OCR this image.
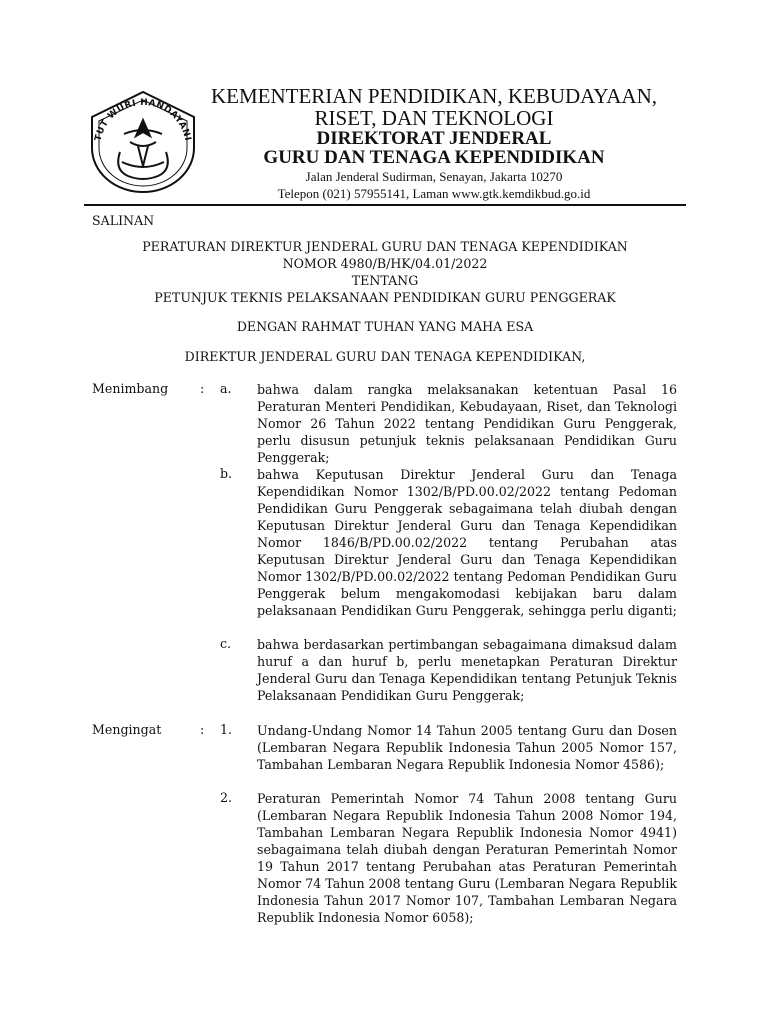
TUT WURI HANDAYANI
KEMENTERIAN PENDIDIKAN, KEBUDAYAAN,
RISET, DAN TEKNOLOGI
DIREKTORAT JENDERAL
GURU DAN TENAGA KEPENDIDIKAN
Jalan Jenderal Sudirman, Senayan, Jakarta 10270
Telepon (021) 57955141, Laman www.gtk.kemdikbud.go.id
SALINAN
PERATURAN DIREKTUR JENDERAL GURU DAN TENAGA KEPENDIDIKAN
NOMOR 4980/B/HK/04.01/2022
TENTANG
PETUNJUK TEKNIS PELAKSANAAN PENDIDIKAN GURU PENGGERAK
DENGAN RAHMAT TUHAN YANG MAHA ESA
DIREKTUR JENDERAL GURU DAN TENAGA KEPENDIDIKAN,
Menimbang	: a. bahwa dalam rangka melaksanakan ketentuan Pasal 16 Peraturan Menteri Pendidikan, Kebudayaan, Riset, dan Teknologi Nomor 26 Tahun 2022 tentang Pendidikan Guru Penggerak, perlu disusun petunjuk teknis pelaksanaan Pendidikan Guru Penggerak;
b. bahwa Keputusan Direktur Jenderal Guru dan Tenaga Kependidikan Nomor 1302/B/PD.00.02/2022 tentang Pedoman Pendidikan Guru Penggerak sebagaimana telah diubah dengan Keputusan Direktur Jenderal Guru dan Tenaga Kependidikan Nomor 1846/B/PD.00.02/2022 tentang Perubahan atas Keputusan Direktur Jenderal Guru dan Tenaga Kependidikan Nomor 1302/B/PD.00.02/2022 tentang Pedoman Pendidikan Guru Penggerak belum mengakomodasi kebijakan baru dalam pelaksanaan Pendidikan Guru Penggerak, sehingga perlu diganti;
c. bahwa berdasarkan pertimbangan sebagaimana dimaksud dalam huruf a dan huruf b, perlu menetapkan Peraturan Direktur Jenderal Guru dan Tenaga Kependidikan tentang Petunjuk Teknis Pelaksanaan Pendidikan Guru Penggerak;
Mengingat	: 1. Undang-Undang Nomor 14 Tahun 2005 tentang Guru dan Dosen (Lembaran Negara Republik Indonesia Tahun 2005 Nomor 157, Tambahan Lembaran Negara Republik Indonesia Nomor 4586);
2. Peraturan Pemerintah Nomor 74 Tahun 2008 tentang Guru (Lembaran Negara Republik Indonesia Tahun 2008 Nomor 194, Tambahan Lembaran Negara Republik Indonesia Nomor 4941) sebagaimana telah diubah dengan Peraturan Pemerintah Nomor 19 Tahun 2017 tentang Perubahan atas Peraturan Pemerintah Nomor 74 Tahun 2008 tentang Guru (Lembaran Negara Republik Indonesia Tahun 2017 Nomor 107, Tambahan Lembaran Negara Republik Indonesia Nomor 6058);
